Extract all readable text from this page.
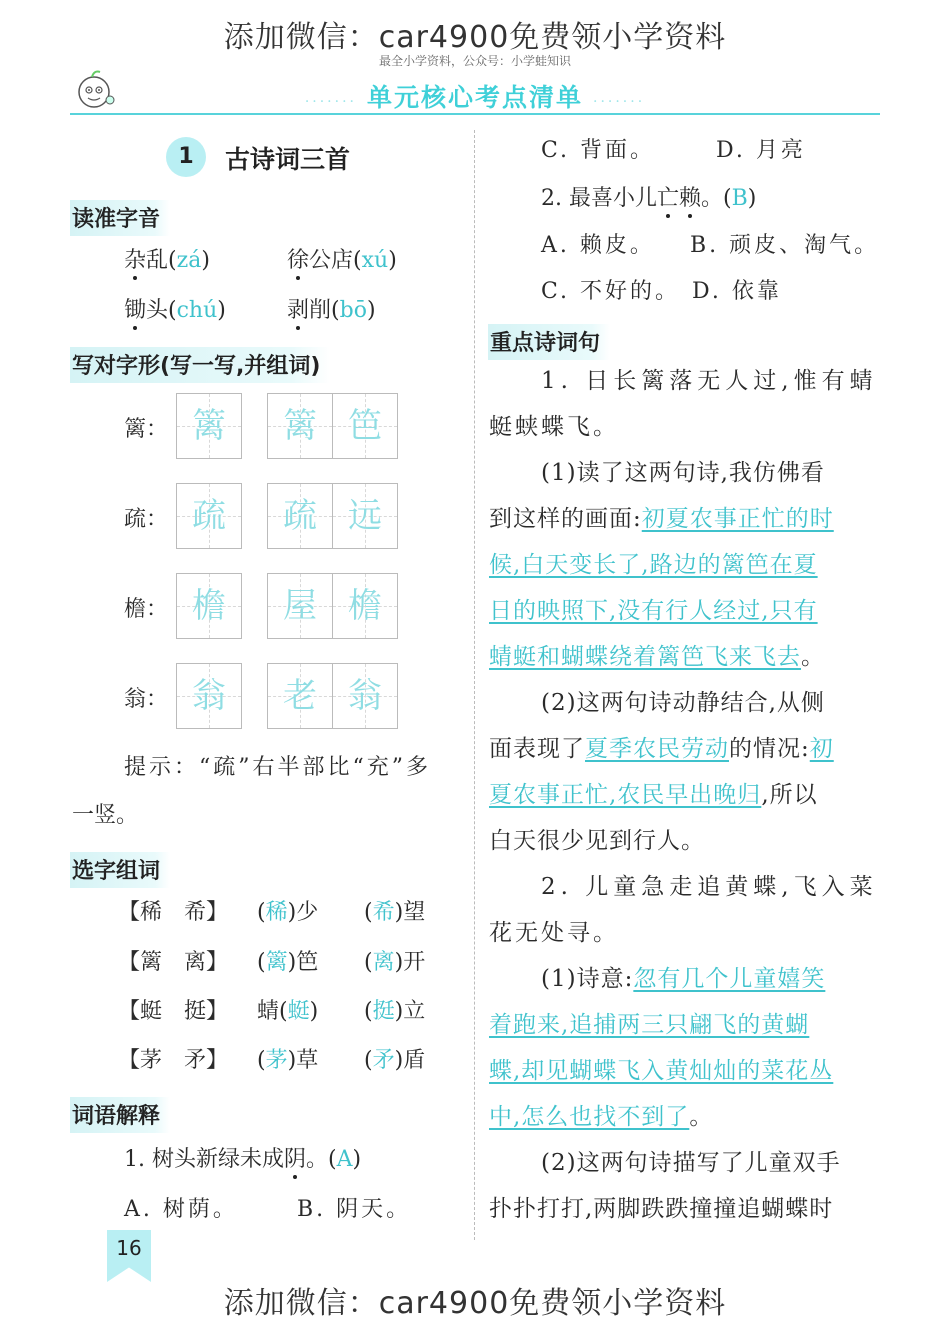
添加微信：car4900免费领小学资料
最全小学资料，公众号：小学蛙知识
······· 单元核心考点清单 ·······
1	古诗词三首
读准字音
杂乱(zá)	徐公店(xú)
锄头(chú)	剥削(bō)
写对字形(写一写,并组词)
篱： 篱	篱 笆
疏： 疏	疏 远
檐： 檐	屋 檐
翁： 翁	老 翁
提示：“疏”右半部比“充”多
一竖。
选字组词
【稀　希】 (稀)少 (希)望
【篱　离】 (篱)笆 (离)开
【蜓　挺】 蜻(蜓) (挺)立
【茅　矛】 (茅)草 (矛)盾
词语解释
1. 树头新绿未成阴。(A)
A. 树荫。	B. 阴天。
C. 背面。	D. 月亮
2. 最喜小儿亡赖。(B)
A. 赖皮。 B. 顽皮、淘气。
C. 不好的。 D. 依靠
重点诗词句
1. 日长篱落无人过,惟有蜻
蜓蛱蝶飞。
(1)读了这两句诗,我仿佛看
到这样的画面:初夏农事正忙的时
候,白天变长了,路边的篱笆在夏
日的映照下,没有行人经过,只有
蜻蜓和蝴蝶绕着篱笆飞来飞去。
(2)这两句诗动静结合,从侧
面表现了夏季农民劳动的情况:初
夏农事正忙,农民早出晚归,所以
白天很少见到行人。
2. 儿童急走追黄蝶,飞入菜
花无处寻。
(1)诗意:忽有几个儿童嬉笑
着跑来,追捕两三只翩飞的黄蝴
蝶,却见蝴蝶飞入黄灿灿的菜花丛
中,怎么也找不到了。
(2)这两句诗描写了儿童双手
扑扑打打,两脚跌跌撞撞追蝴蝶时
16
添加微信：car4900免费领小学资料
